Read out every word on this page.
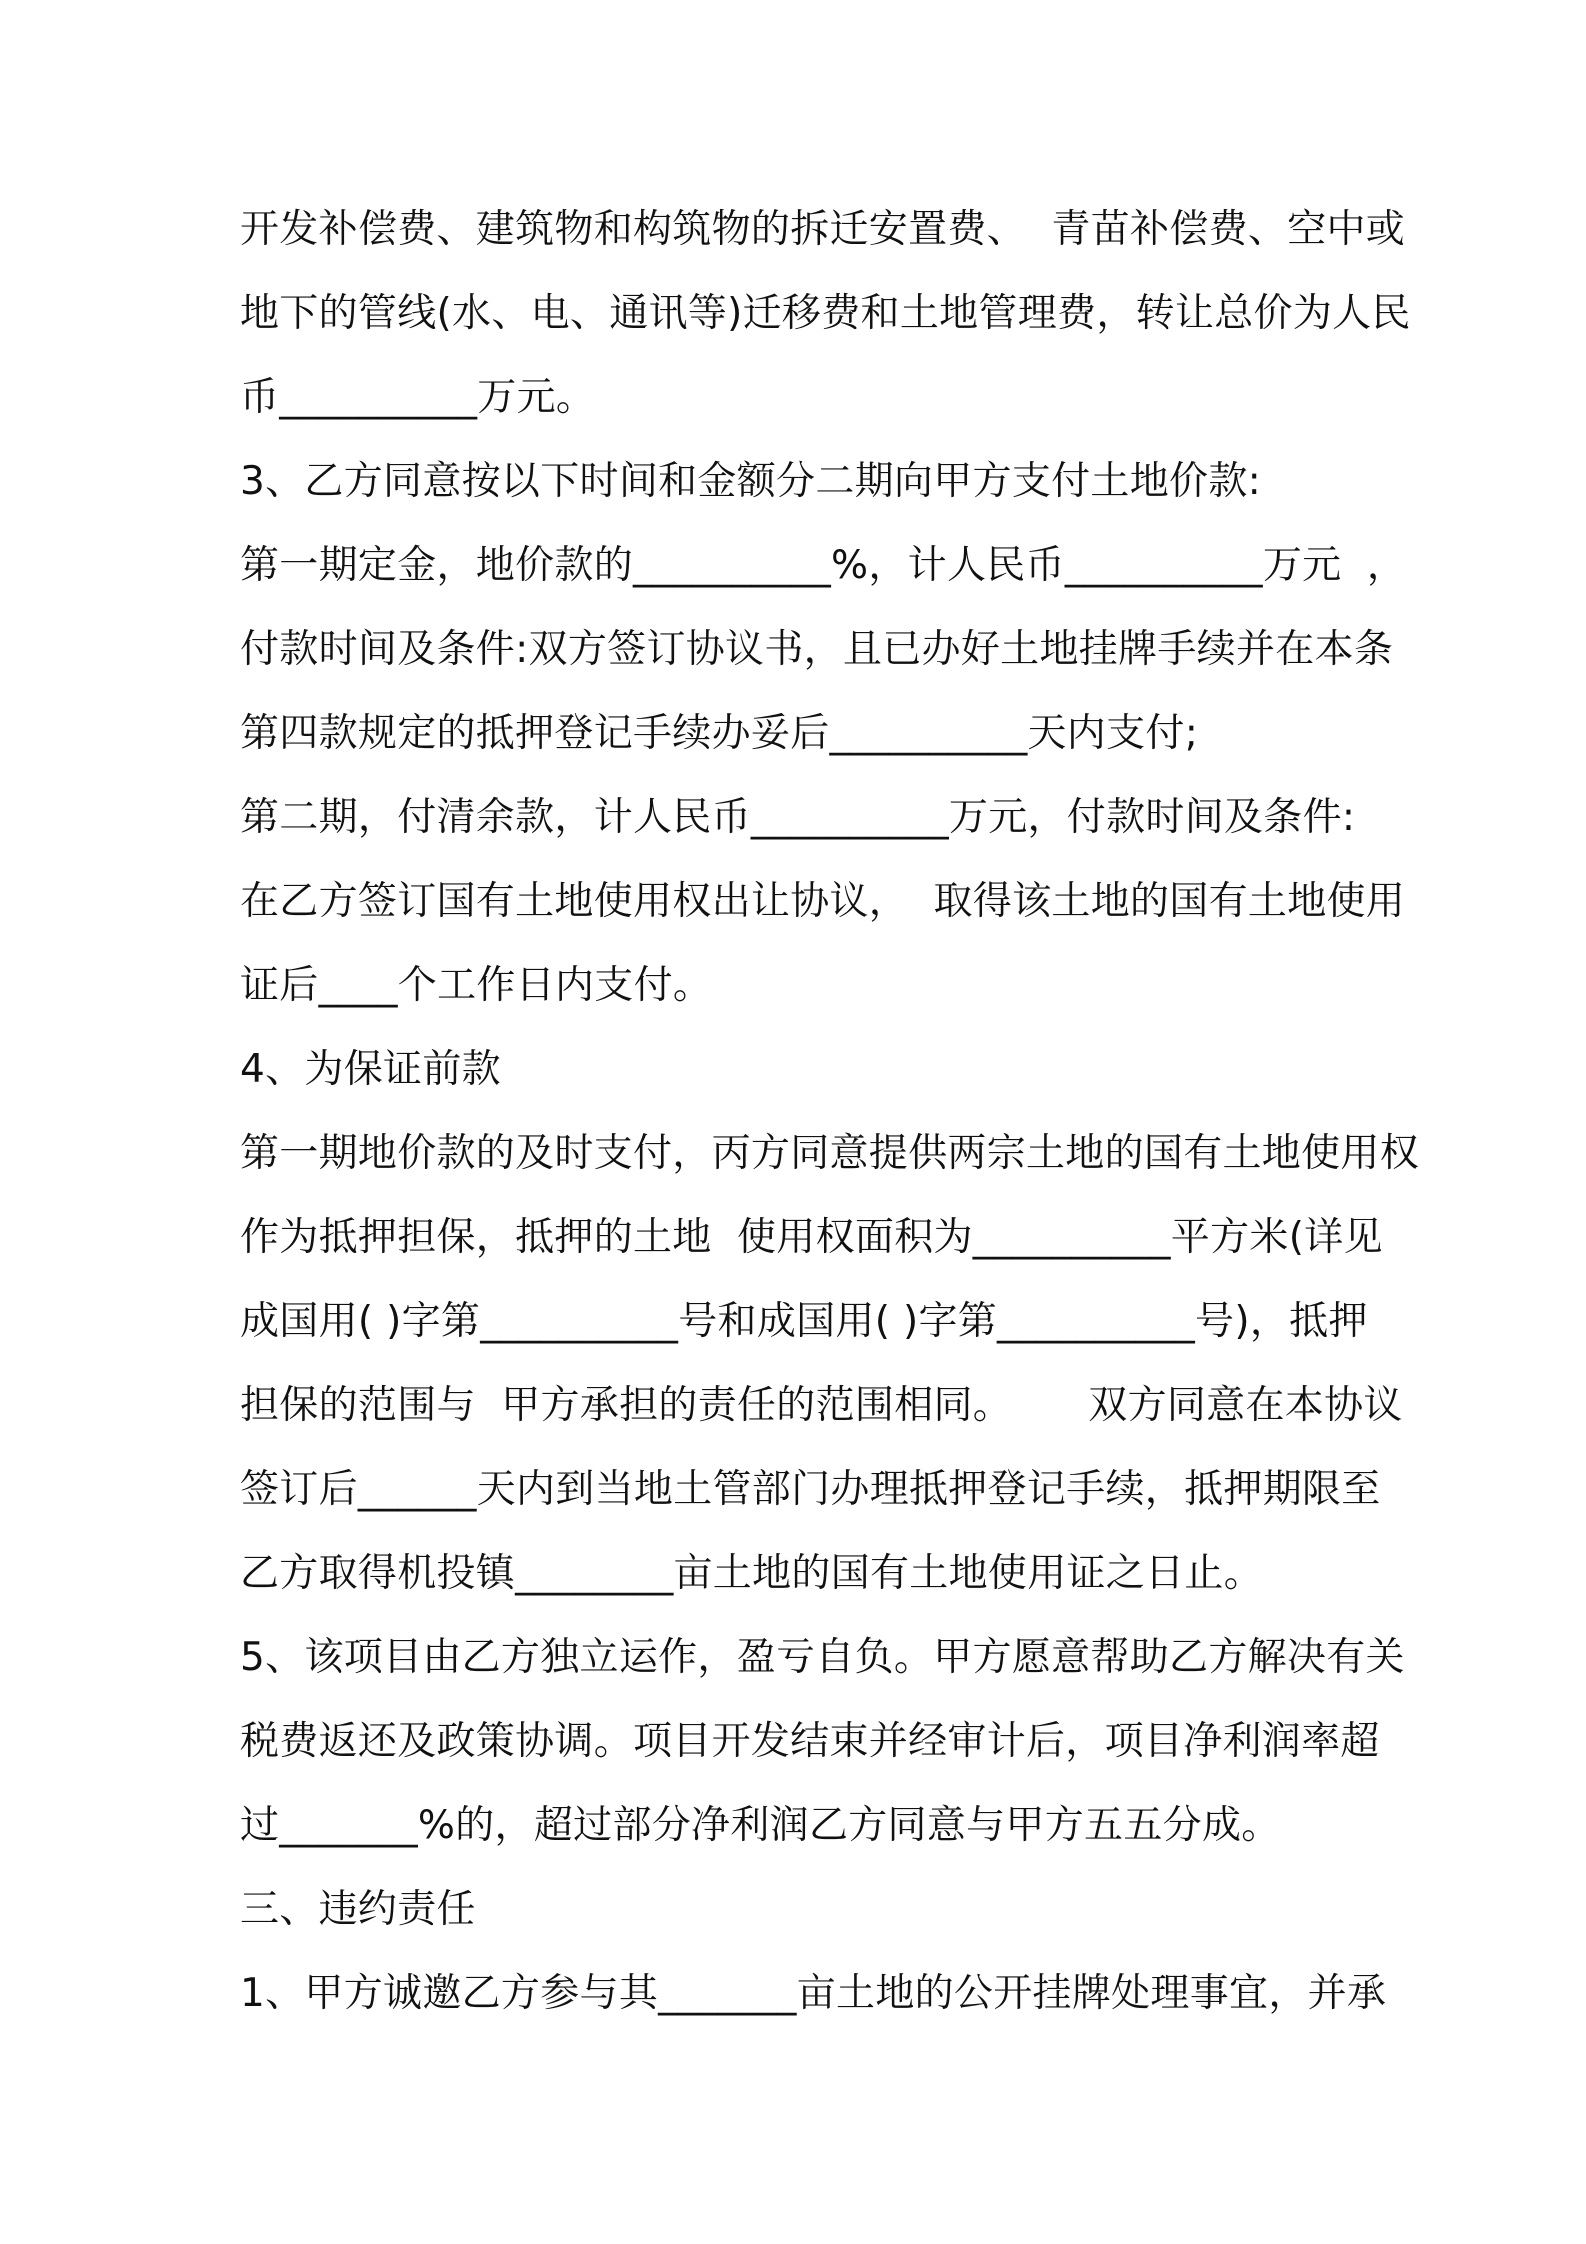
开发补偿费、建筑物和构筑物的拆迁安置费、  青苗补偿费、空中或
地下的管线(水、电、通讯等)迁移费和土地管理费，转让总价为人民
币__________万元。
3、乙方同意按以下时间和金额分二期向甲方支付土地价款:
第一期定金，地价款的__________%，计人民币__________万元  ，
付款时间及条件:双方签订协议书，且已办好土地挂牌手续并在本条
第四款规定的抵押登记手续办妥后__________天内支付;
第二期，付清余款，计人民币__________万元，付款时间及条件:
在乙方签订国有土地使用权出让协议，  取得该土地的国有土地使用
证后____个工作日内支付。
4、为保证前款
第一期地价款的及时支付，丙方同意提供两宗土地的国有土地使用权
作为抵押担保，抵押的土地  使用权面积为__________平方米(详见
成国用( )字第__________号和成国用( )字第__________号)，抵押
担保的范围与  甲方承担的责任的范围相同。      双方同意在本协议
签订后______天内到当地土管部门办理抵押登记手续，抵押期限至
乙方取得机投镇________亩土地的国有土地使用证之日止。
5、该项目由乙方独立运作，盈亏自负。甲方愿意帮助乙方解决有关
税费返还及政策协调。项目开发结束并经审计后，项目净利润率超
过_______%的，超过部分净利润乙方同意与甲方五五分成。
三、违约责任
1、甲方诚邀乙方参与其_______亩土地的公开挂牌处理事宜，并承
